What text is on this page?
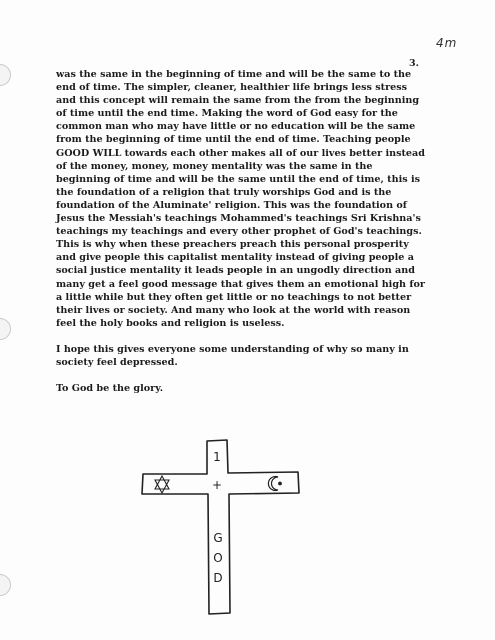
4m
3.

was the same in the beginning of time and will be the same to the end of time. The simpler, cleaner, healthier life brings less stress and this concept will remain the same from the from the beginning of time until the end time. Making the word of God easy for the common man who may have little or no education will be the same from the beginning of time until the end of time. Teaching people GOOD WILL towards each other makes all of our lives better instead of the money, money, money mentality was the same in the beginning of time and will be the same until the end of time, this is the foundation of a religion that truly worships God and is the foundation of the Aluminate' religion. This was the foundation of Jesus the Messiah's teachings Mohammed's teachings Sri Krishna's teachings my teachings and every other prophet of God's teachings. This is why when these preachers preach this personal prosperity and give people this capitalist mentality instead of giving people a social justice mentality it leads people in an ungodly direction and many get a feel good message that gives them an emotional high for a little while but they often get little or no teachings to not better their lives or society. And many who look at the world with reason feel the holy books and religion is useless.

I hope this gives everyone some understanding of why so many in society feel depressed.

To God be the glory.

1
+
G
O
D
